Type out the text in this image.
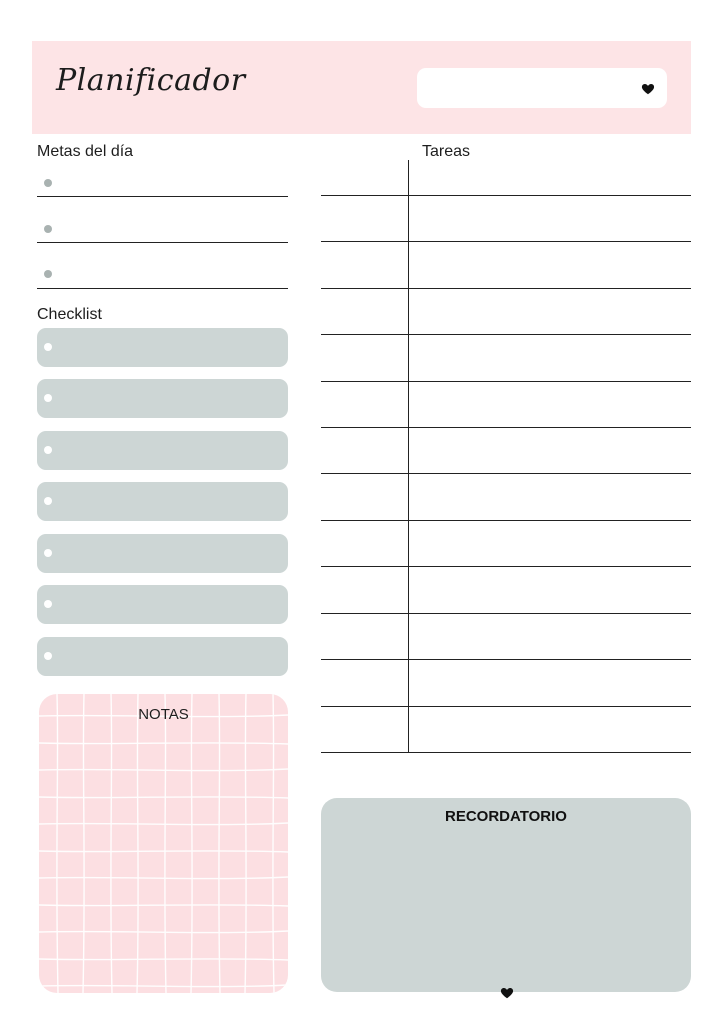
Planificador
Metas del día
Checklist
NOTAS
Tareas
RECORDATORIO
